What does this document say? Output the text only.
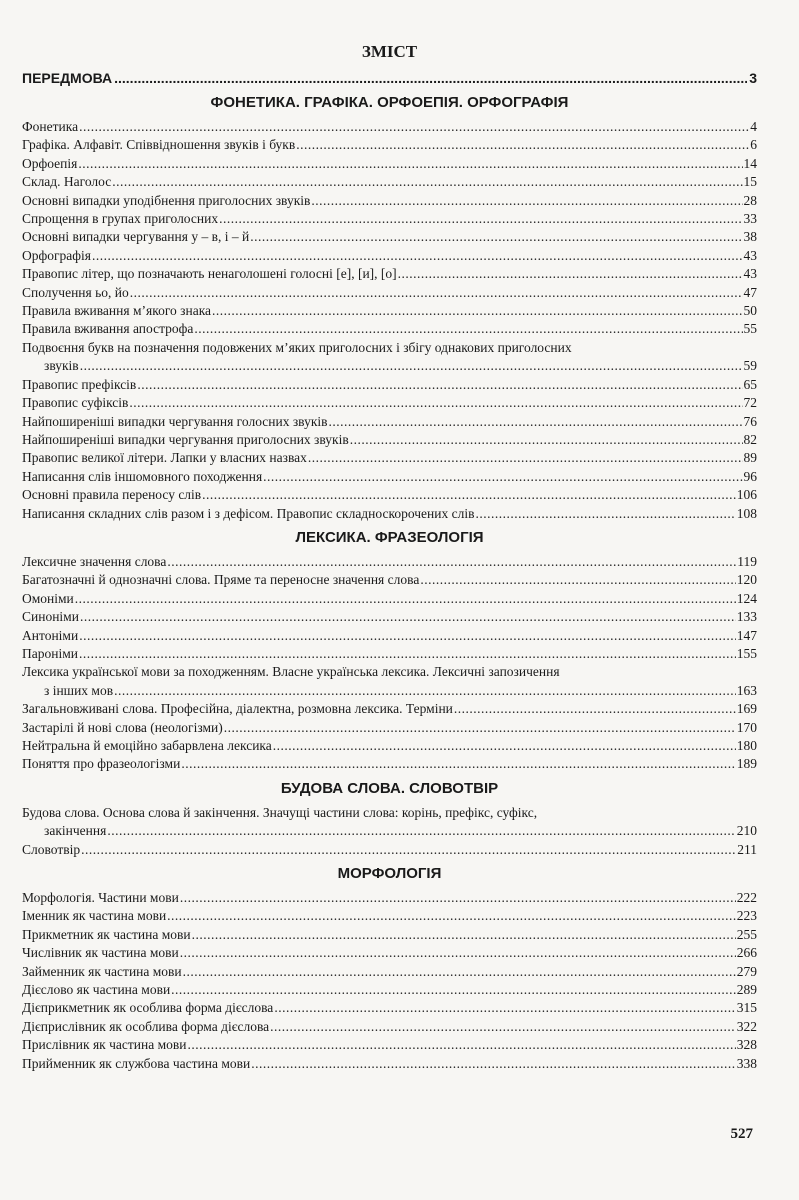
ЗМІСТ
ПЕРЕДМОВА .....	3
ФОНЕТИКА. ГРАФІКА. ОРФОЕПІЯ. ОРФОГРАФІЯ
Фонетика .....	4
Графіка. Алфавіт. Співвідношення звуків і букв .....	6
Орфоепія .....	14
Склад. Наголос .....	15
Основні випадки уподібнення приголосних звуків .....	28
Спрощення в групах приголосних .....	33
Основні випадки чергування у – в, і – й .....	38
Орфографія .....	43
Правопис літер, що позначають ненаголошені голосні [е], [и], [о] .....	43
Сполучення ьо, йо .....	47
Правила вживання м’якого знака .....	50
Правила вживання апострофа .....	55
Подвоєння букв на позначення подовжених м’яких приголосних і збігу однакових приголосних
звуків .....	59
Правопис префіксів .....	65
Правопис суфіксів .....	72
Найпоширеніші випадки чергування голосних звуків .....	76
Найпоширеніші випадки чергування приголосних звуків .....	82
Правопис великої літери. Лапки у власних назвах .....	89
Написання слів іншомовного походження .....	96
Основні правила переносу слів .....	106
Написання складних слів разом і з дефісом. Правопис складноскорочених слів .....	108
ЛЕКСИКА. ФРАЗЕОЛОГІЯ
Лексичне значення слова .....	119
Багатозначні й однозначні слова. Пряме та переносне значення слова .....	120
Омоніми .....	124
Синоніми .....	133
Антоніми .....	147
Пароніми .....	155
Лексика української мови за походженням. Власне українська лексика. Лексичні запозичення
з інших мов .....	163
Загальновживані слова. Професійна, діалектна, розмовна лексика. Терміни .....	169
Застарілі й нові слова (неологізми) .....	170
Нейтральна й емоційно забарвлена лексика .....	180
Поняття про фразеологізми .....	189
БУДОВА СЛОВА. СЛОВОТВІР
Будова слова. Основа слова й закінчення. Значущі частини слова: корінь, префікс, суфікс,
закінчення .....	210
Словотвір .....	211
МОРФОЛОГІЯ
Морфологія. Частини мови .....	222
Іменник як частина мови .....	223
Прикметник як частина мови .....	255
Числівник як частина мови .....	266
Займенник як частина мови .....	279
Дієслово як частина мови .....	289
Дієприкметник як особлива форма дієслова .....	315
Дієприслівник як особлива форма дієслова .....	322
Прислівник як частина мови .....	328
Прийменник як службова частина мови .....	338
527
